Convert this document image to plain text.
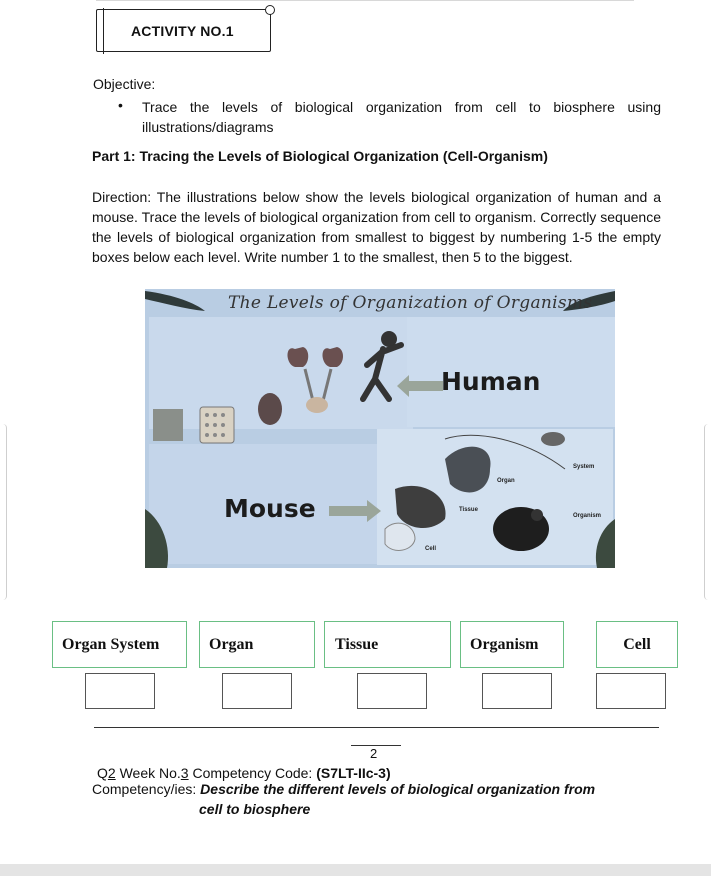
ACTIVITY NO.1
Objective:
• Trace the levels of biological organization from cell to biosphere using illustrations/diagrams
Part 1: Tracing the Levels of Biological Organization (Cell-Organism)
Direction: The illustrations below show the levels biological organization of human and a mouse. Trace the levels of biological organization from cell to organism. Correctly sequence the levels of biological organization from smallest to biggest by numbering 1-5 the empty boxes below each level. Write number 1 to the smallest, then 5 to the biggest.
The Levels of Organization of Organisms
Human
Mouse
System
Organ
Tissue
Organism
Cell
Organ System	Organ	Tissue	Organism	Cell
2
Q2 Week No.3 Competency Code: (S7LT-IIc-3)
Competency/ies: Describe the different levels of biological organization from
cell to biosphere
